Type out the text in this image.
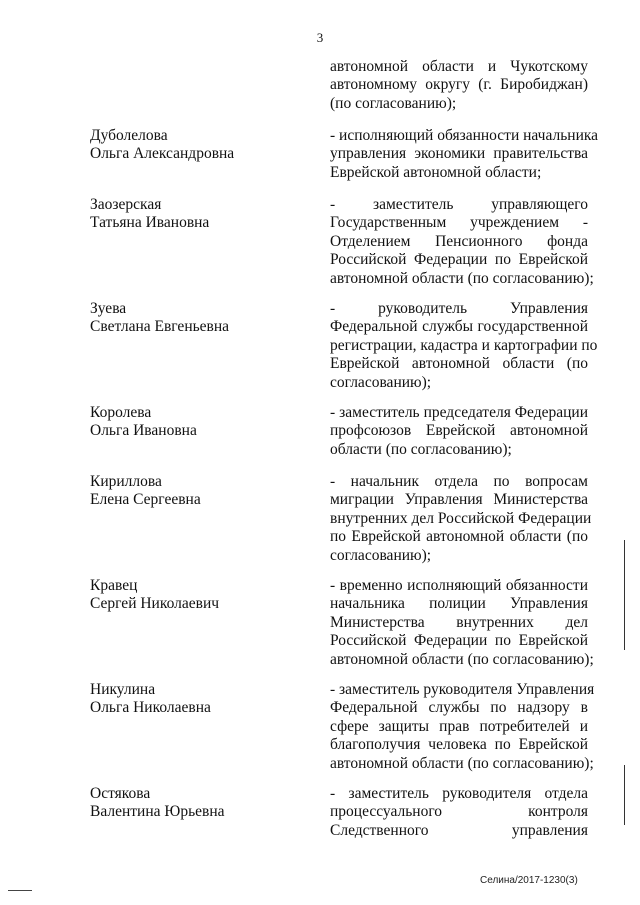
3
автономной области и Чукотскому
автономному округу (г. Биробиджан)
(по согласованию);
Дуболелова
Ольга Александровна
- исполняющий обязанности начальника
управления экономики правительства
Еврейской автономной области;
Заозерская
Татьяна Ивановна
- заместитель управляющего
Государственным учреждением -
Отделением Пенсионного фонда
Российской Федерации по Еврейской
автономной области (по согласованию);
Зуева
Светлана Евгеньевна
- руководитель Управления
Федеральной службы государственной
регистрации, кадастра и картографии по
Еврейской автономной области (по
согласованию);
Королева
Ольга Ивановна
- заместитель председателя Федерации
профсоюзов Еврейской автономной
области (по согласованию);
Кириллова
Елена Сергеевна
- начальник отдела по вопросам
миграции Управления Министерства
внутренних дел Российской Федерации
по Еврейской автономной области (по
согласованию);
Кравец
Сергей Николаевич
- временно исполняющий обязанности
начальника полиции Управления
Министерства внутренних дел
Российской Федерации по Еврейской
автономной области (по согласованию);
Никулина
Ольга Николаевна
- заместитель руководителя Управления
Федеральной службы по надзору в
сфере защиты прав потребителей и
благополучия человека по Еврейской
автономной области (по согласованию);
Остякова
Валентина Юрьевна
- заместитель руководителя отдела
процессуального контроля
Следственного управления
Селина/2017-1230(3)
